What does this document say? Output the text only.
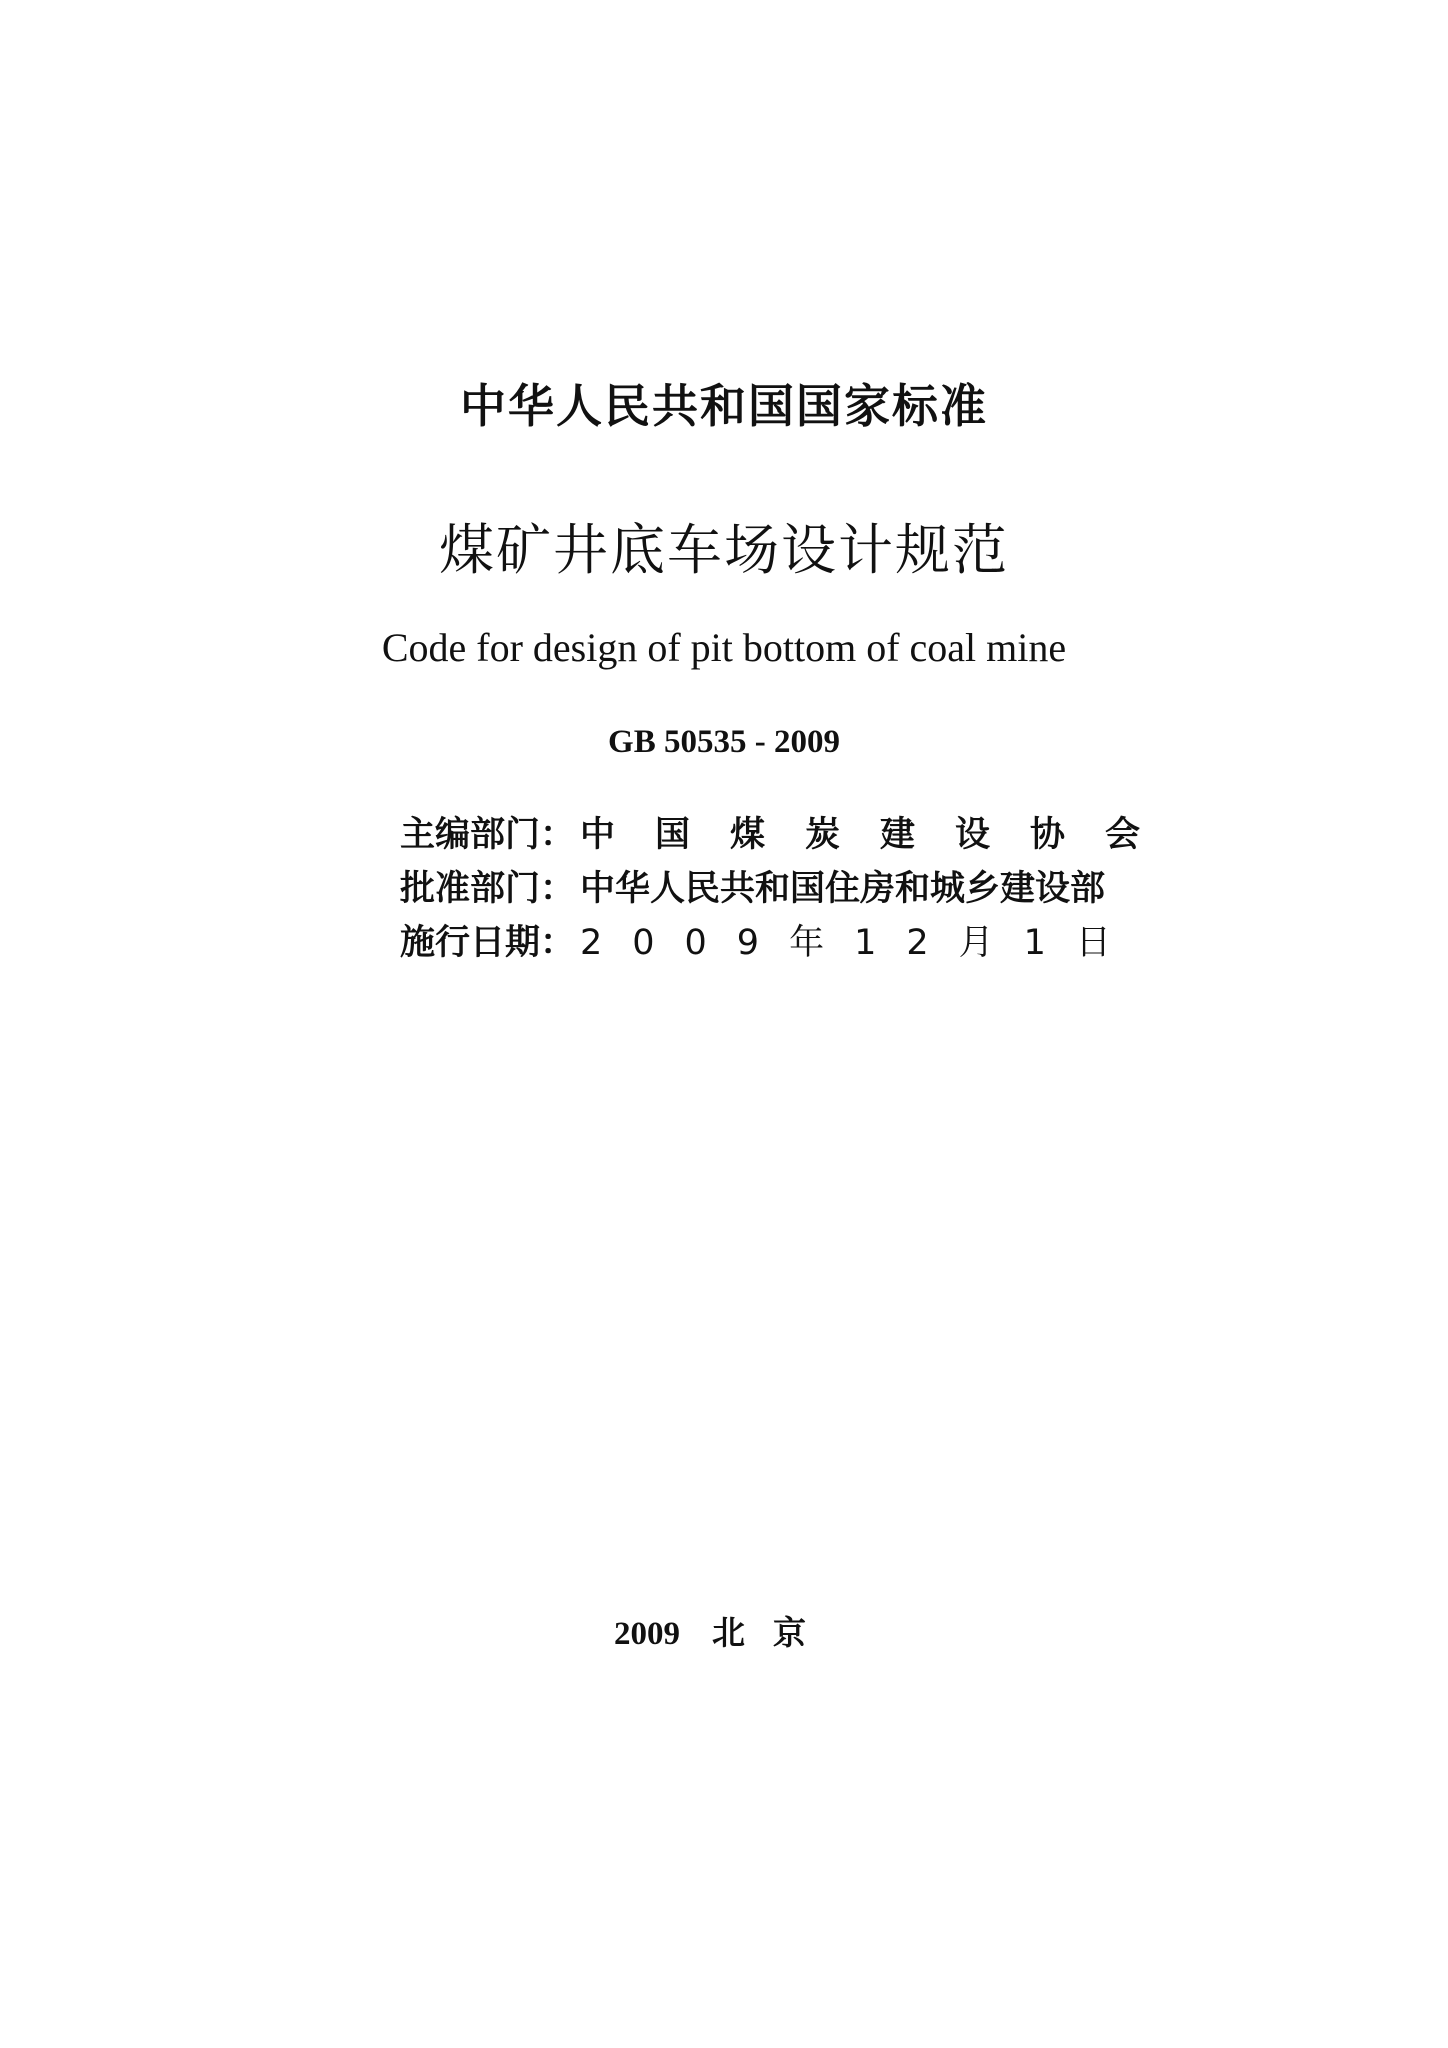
中华人民共和国国家标准
煤矿井底车场设计规范
Code for design of pit bottom of coal mine
GB 50535 - 2009
主编部门： 中国煤炭建设协会
批准部门： 中华人民共和国住房和城乡建设部
施行日期： 2009年12月1日
2009 北京
